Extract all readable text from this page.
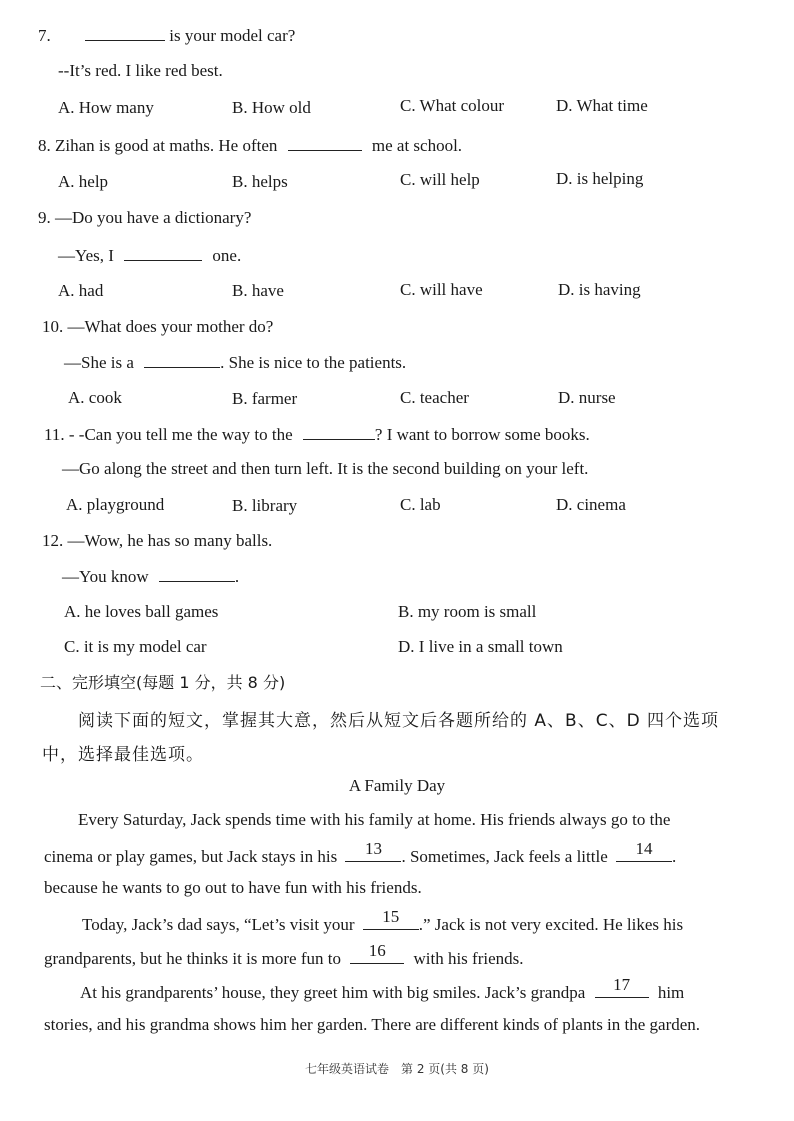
7.	is your model car?
--It’s red. I like red best.
A. How many	B. How old	C. What colour	D. What time
8. Zihan is good at maths. He often	me at school.
A. help	B. helps	C. will help	D. is helping
9. —Do you have a dictionary?
—Yes, I	one.
A. had	B. have	C. will have	D. is having
10. —What does your mother do?
—She is a	. She is nice to the patients.
A. cook	B. farmer	C. teacher	D. nurse
11. - -Can you tell me the way to the	? I want to borrow some books.
—Go along the street and then turn left. It is the second building on your left.
A. playground	B. library	C. lab	D. cinema
12. —Wow, he has so many balls.
—You know	.
A. he loves ball games	B. my room is small
C. it is my model car	D. I live in a small town
二、完形填空(每题 1 分，共 8 分)
阅读下面的短文，掌握其大意，然后从短文后各题所给的 A、B、C、D 四个选项
中，选择最佳选项。
A Family Day
Every Saturday, Jack spends time with his family at home. His friends always go to the
cinema or play games, but Jack stays in his	13	. Sometimes, Jack feels a little	14	.
because he wants to go out to have fun with his friends.
Today, Jack’s dad says, “Let’s visit your	15	.” Jack is not very excited. He likes his
grandparents, but he thinks it is more fun to	16	with his friends.
At his grandparents’ house, they greet him with big smiles. Jack’s grandpa	17	him
stories, and his grandma shows him her garden. There are different kinds of plants in the garden.
七年级英语试卷　第 2 页(共 8 页)
